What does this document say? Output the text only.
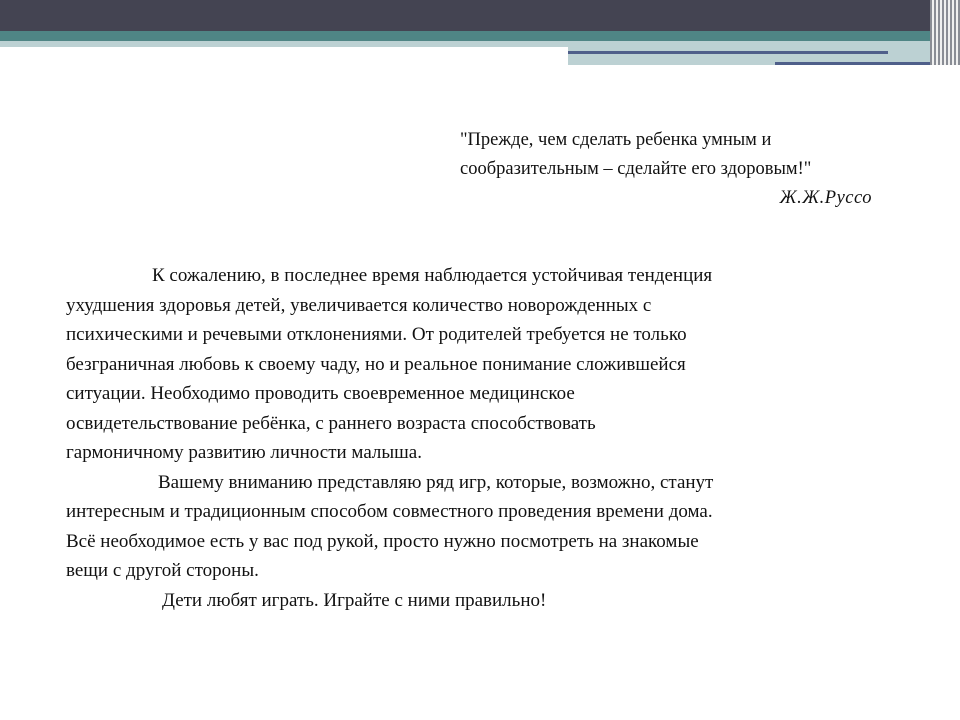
"Прежде, чем сделать ребенка умным и
сообразительным – сделайте его здоровым!"
Ж.Ж.Руссо
К сожалению, в последнее время наблюдается устойчивая тенденция
ухудшения здоровья детей, увеличивается количество новорожденных с
психическими и речевыми отклонениями. От родителей требуется не только
безграничная любовь к своему чаду, но и реальное понимание сложившейся
ситуации. Необходимо проводить своевременное медицинское
освидетельствование ребёнка, с раннего возраста способствовать
гармоничному развитию личности малыша.
Вашему вниманию представляю ряд игр, которые, возможно, станут
интересным и традиционным способом совместного проведения времени дома.
Всё необходимое есть у вас под рукой, просто нужно посмотреть на знакомые
вещи с другой стороны.
Дети любят играть. Играйте с ними правильно!
